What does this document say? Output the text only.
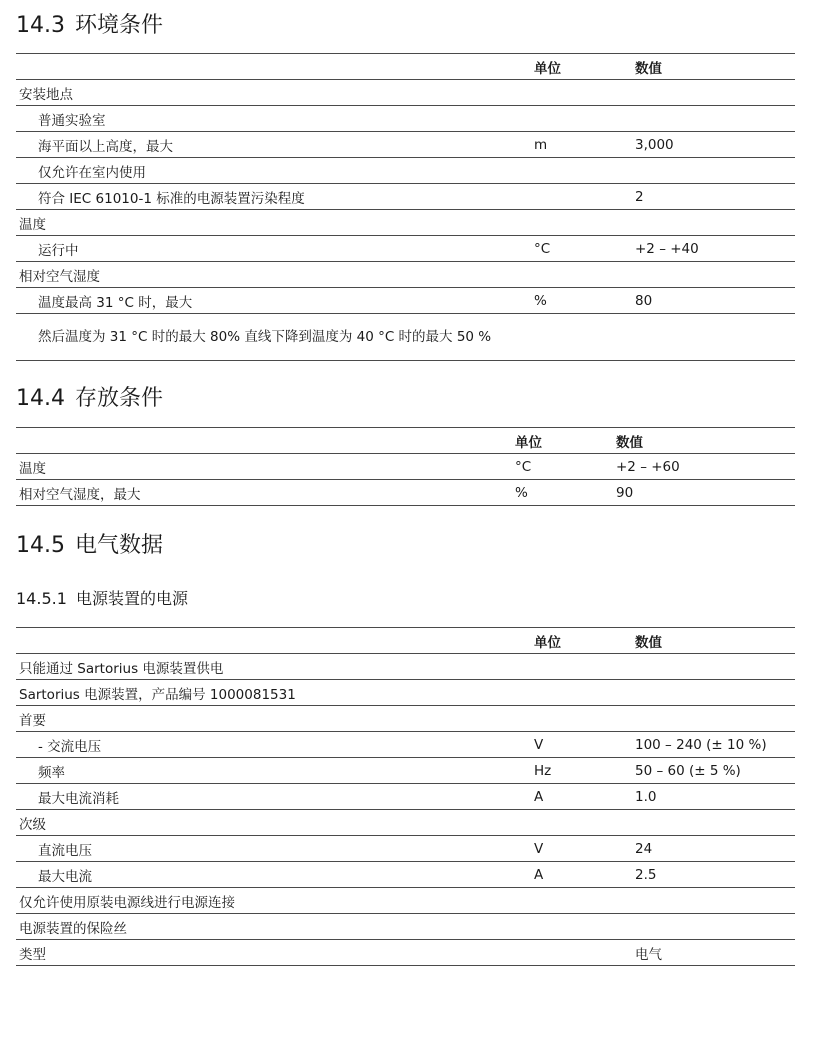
14.3 环境条件
	单位	数值
安装地点		
普通实验室		
海平面以上高度，最大	m	3,000
仅允许在室内使用		
符合 IEC 61010-1 标准的电源装置污染程度		2
温度		
运行中	°C	+2 – +40
相对空气湿度		
温度最高 31 °C 时，最大	%	80
然后温度为 31 °C 时的最大 80% 直线下降到温度为 40 °C 时的最大 50 %		
14.4 存放条件
	单位	数值
温度	°C	+2 – +60
相对空气湿度，最大	%	90
14.5 电气数据
14.5.1 电源装置的电源
	单位	数值
只能通过 Sartorius 电源装置供电		
Sartorius 电源装置，产品编号 1000081531		
首要		
- 交流电压	V	100 – 240 (± 10 %)
频率	Hz	50 – 60 (± 5 %)
最大电流消耗	A	1.0
次级		
直流电压	V	24
最大电流	A	2.5
仅允许使用原装电源线进行电源连接		
电源装置的保险丝		
类型		电气
